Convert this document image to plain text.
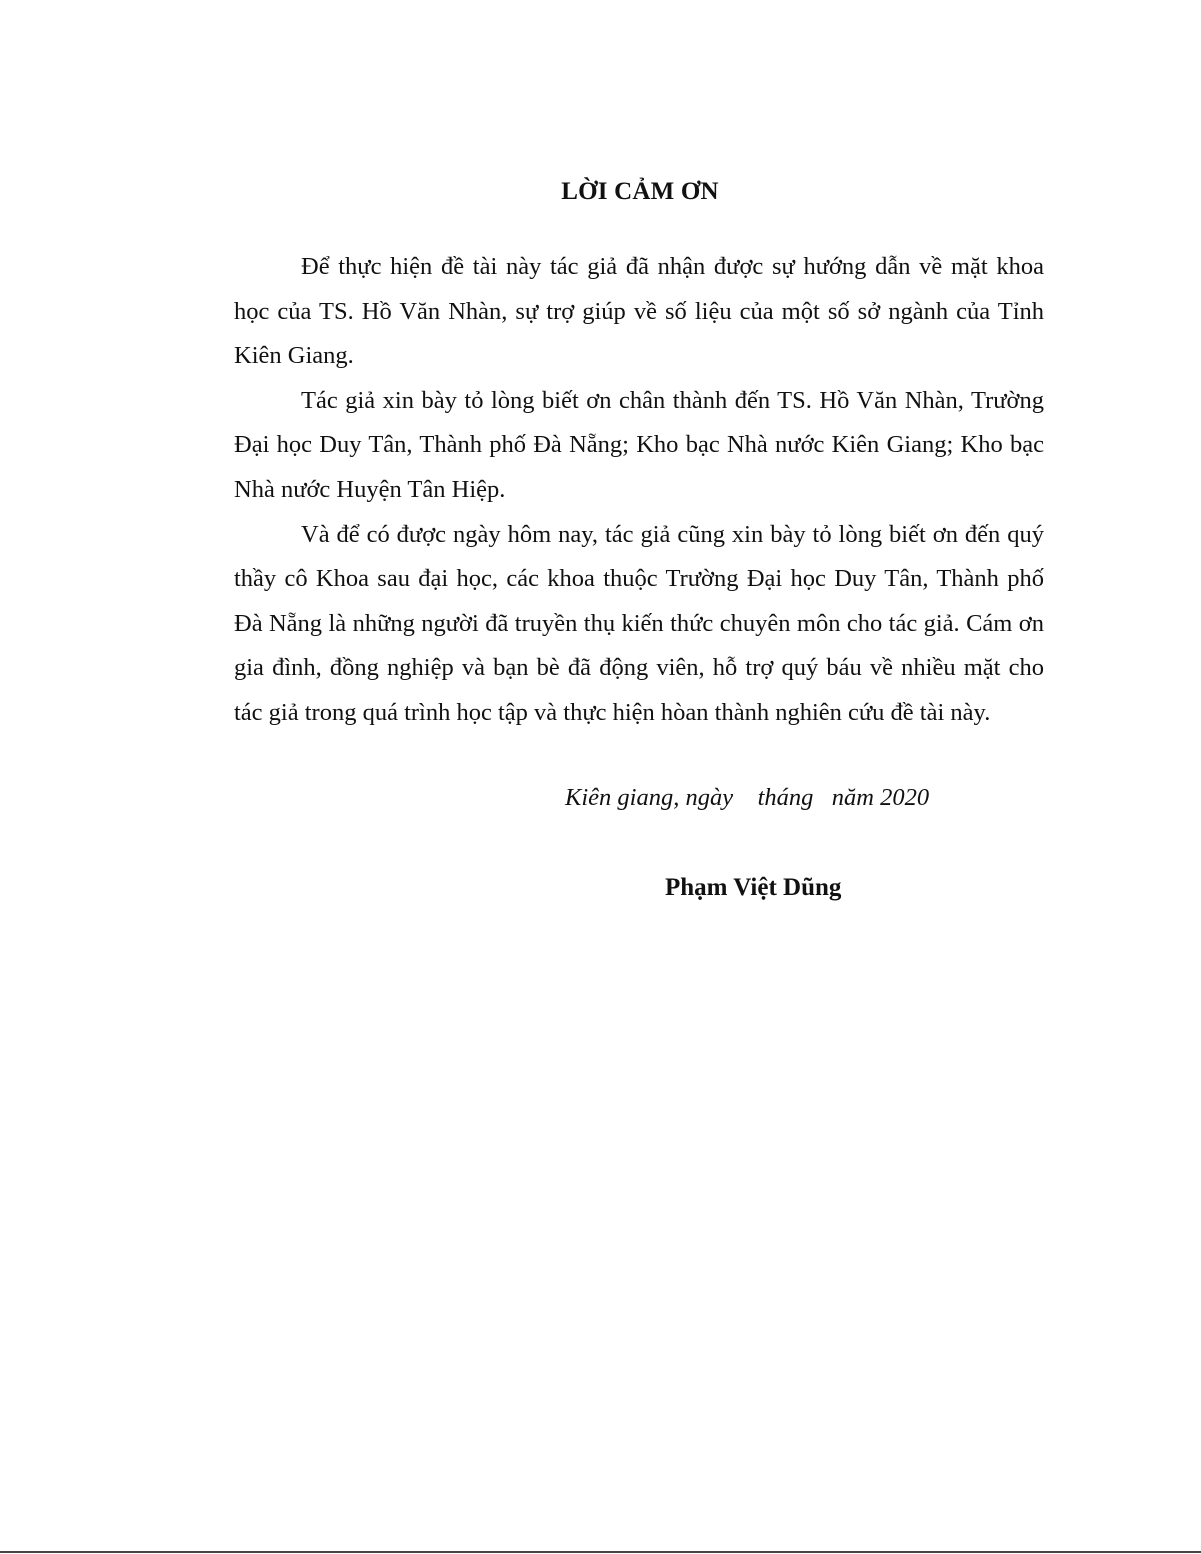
LỜI CẢM ƠN

Để thực hiện đề tài này tác giả đã nhận được sự hướng dẫn về mặt khoa học của TS. Hồ Văn Nhàn, sự trợ giúp về số liệu của một số sở ngành của Tỉnh Kiên Giang.

Tác giả xin bày tỏ lòng biết ơn chân thành đến TS. Hồ Văn Nhàn, Trường Đại học Duy Tân, Thành phố Đà Nẵng; Kho bạc Nhà nước Kiên Giang; Kho bạc Nhà nước Huyện Tân Hiệp.

Và để có được ngày hôm nay, tác giả cũng xin bày tỏ lòng biết ơn đến quý thầy cô Khoa sau đại học, các khoa thuộc Trường Đại học Duy Tân, Thành phố Đà Nẵng là những người đã truyền thụ kiến thức chuyên môn cho tác giả. Cám ơn gia đình, đồng nghiệp và bạn bè đã động viên, hỗ trợ quý báu về nhiều mặt cho tác giả trong quá trình học tập và thực hiện hòan thành nghiên cứu đề tài này.

Kiên giang, ngày    tháng   năm 2020
Phạm Việt Dũng
